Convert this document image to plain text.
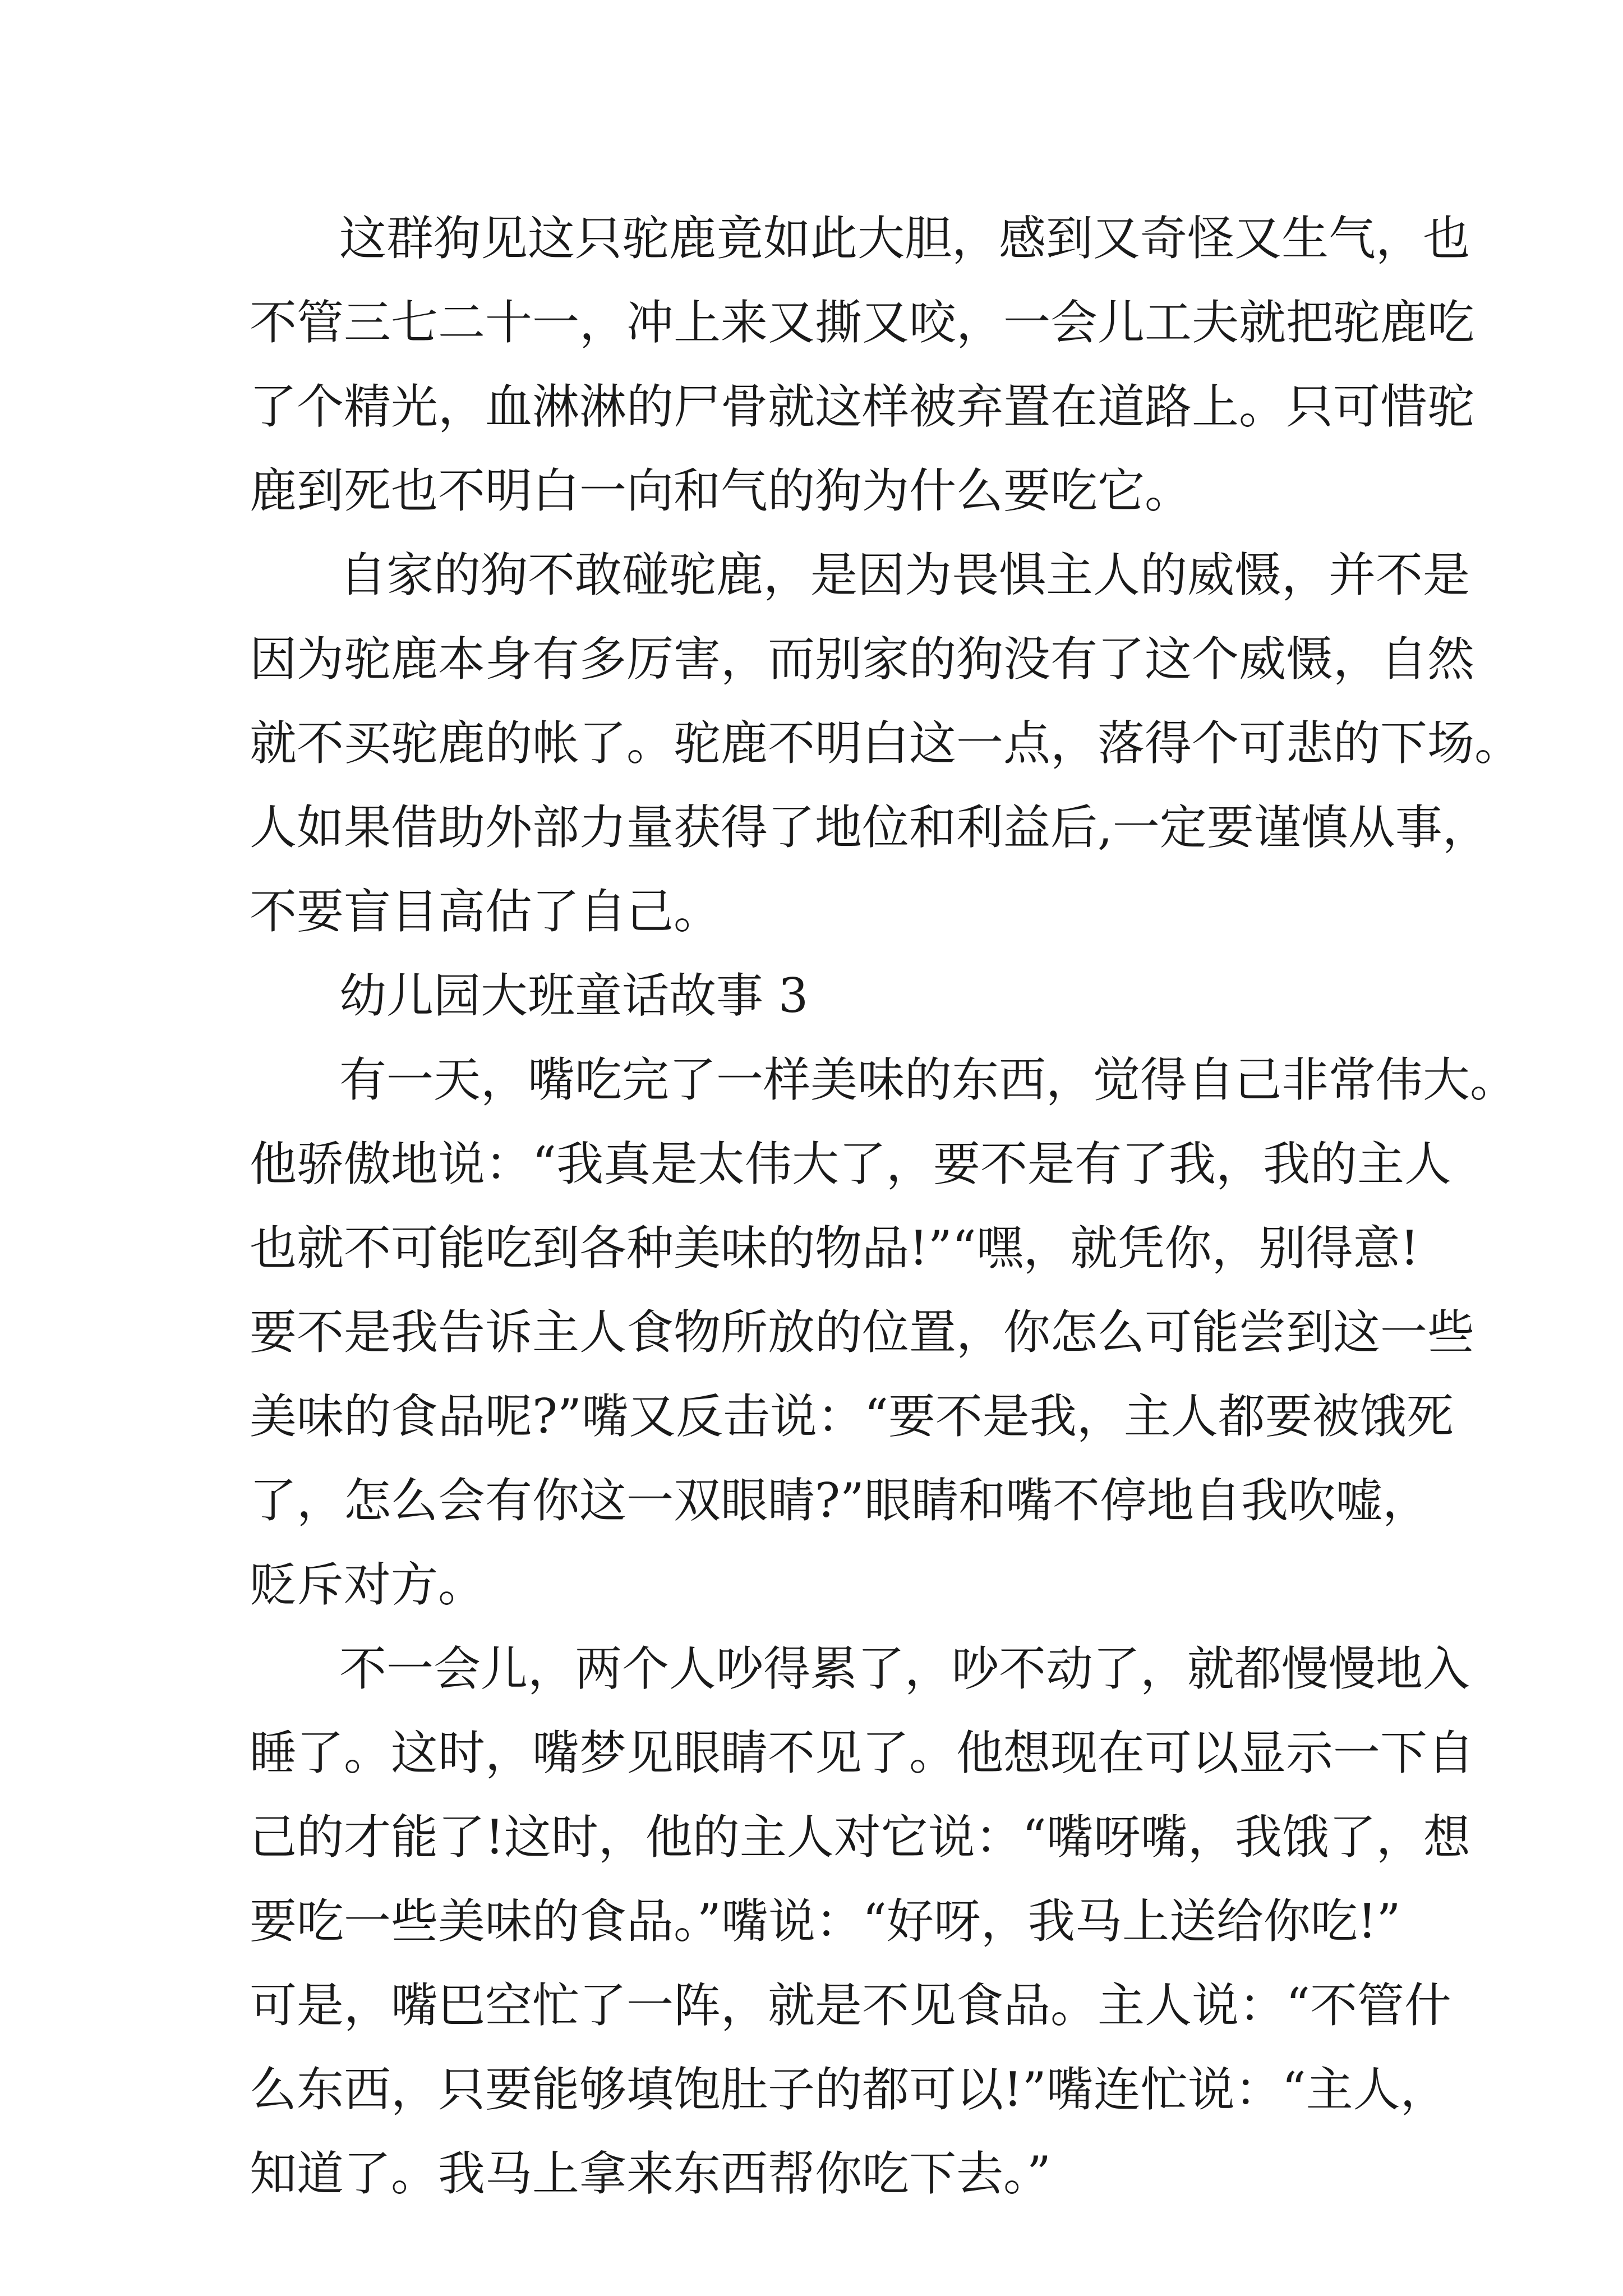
这群狗见这只驼鹿竟如此大胆，感到又奇怪又生气，也
不管三七二十一，冲上来又撕又咬，一会儿工夫就把驼鹿吃
了个精光，血淋淋的尸骨就这样被弃置在道路上。只可惜驼
鹿到死也不明白一向和气的狗为什么要吃它。
自家的狗不敢碰驼鹿，是因为畏惧主人的威慑，并不是
因为驼鹿本身有多厉害，而别家的狗没有了这个威慑，自然
就不买驼鹿的帐了。驼鹿不明白这一点，落得个可悲的下场。
人如果借助外部力量获得了地位和利益后,一定要谨慎从事，
不要盲目高估了自己。
幼儿园大班童话故事 3
有一天，嘴吃完了一样美味的东西，觉得自己非常伟大。
他骄傲地说：“我真是太伟大了，要不是有了我，我的主人
也就不可能吃到各种美味的物品!”“嘿，就凭你，别得意!
要不是我告诉主人食物所放的位置，你怎么可能尝到这一些
美味的食品呢?”嘴又反击说：“要不是我，主人都要被饿死
了，怎么会有你这一双眼睛?”眼睛和嘴不停地自我吹嘘，
贬斥对方。
不一会儿，两个人吵得累了，吵不动了，就都慢慢地入
睡了。这时，嘴梦见眼睛不见了。他想现在可以显示一下自
己的才能了!这时，他的主人对它说：“嘴呀嘴，我饿了，想
要吃一些美味的食品。”嘴说：“好呀，我马上送给你吃!”
可是，嘴巴空忙了一阵，就是不见食品。主人说：“不管什
么东西，只要能够填饱肚子的都可以!”嘴连忙说：“主人，
知道了。我马上拿来东西帮你吃下去。”
